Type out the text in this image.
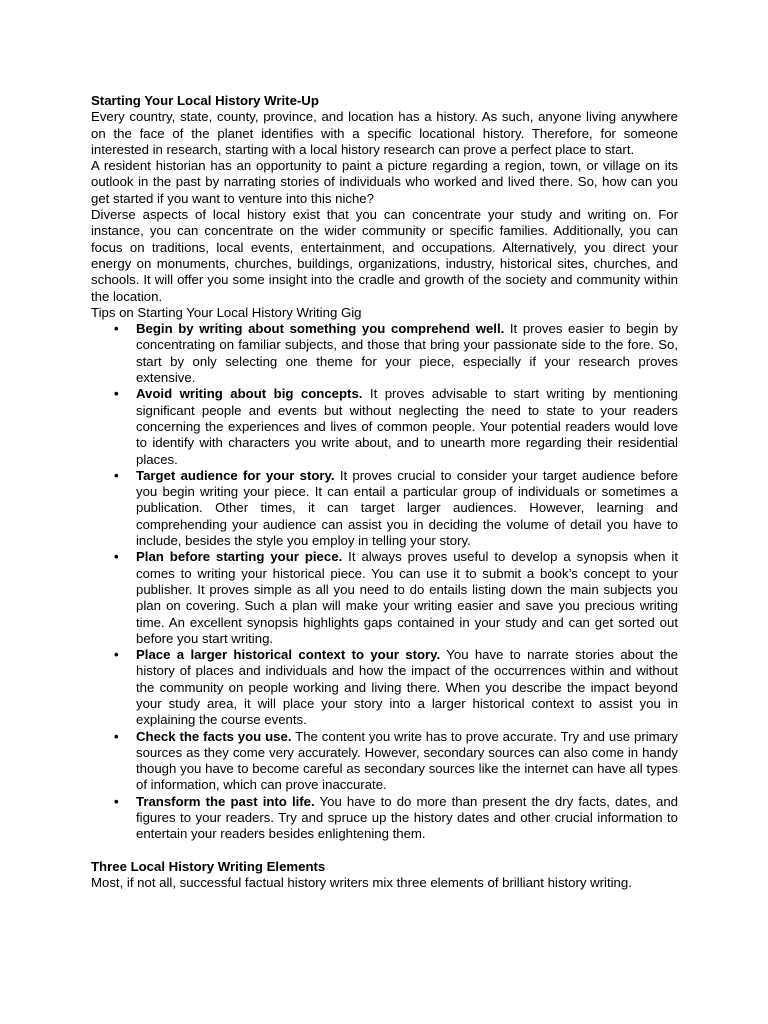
Starting Your Local History Write-Up

Every country, state, county, province, and location has a history. As such, anyone living anywhere on the face of the planet identifies with a specific locational history. Therefore, for someone interested in research, starting with a local history research can prove a perfect place to start.

A resident historian has an opportunity to paint a picture regarding a region, town, or village on its outlook in the past by narrating stories of individuals who worked and lived there. So, how can you get started if you want to venture into this niche?

Diverse aspects of local history exist that you can concentrate your study and writing on. For instance, you can concentrate on the wider community or specific families. Additionally, you can focus on traditions, local events, entertainment, and occupations. Alternatively, you direct your energy on monuments, churches, buildings, organizations, industry, historical sites, churches, and schools. It will offer you some insight into the cradle and growth of the society and community within the location.

Tips on Starting Your Local History Writing Gig

• Begin by writing about something you comprehend well. It proves easier to begin by concentrating on familiar subjects, and those that bring your passionate side to the fore. So, start by only selecting one theme for your piece, especially if your research proves extensive.
• Avoid writing about big concepts. It proves advisable to start writing by mentioning significant people and events but without neglecting the need to state to your readers concerning the experiences and lives of common people. Your potential readers would love to identify with characters you write about, and to unearth more regarding their residential places.
• Target audience for your story. It proves crucial to consider your target audience before you begin writing your piece. It can entail a particular group of individuals or sometimes a publication. Other times, it can target larger audiences. However, learning and comprehending your audience can assist you in deciding the volume of detail you have to include, besides the style you employ in telling your story.
• Plan before starting your piece. It always proves useful to develop a synopsis when it comes to writing your historical piece. You can use it to submit a book’s concept to your publisher. It proves simple as all you need to do entails listing down the main subjects you plan on covering. Such a plan will make your writing easier and save you precious writing time. An excellent synopsis highlights gaps contained in your study and can get sorted out before you start writing.
• Place a larger historical context to your story. You have to narrate stories about the history of places and individuals and how the impact of the occurrences within and without the community on people working and living there. When you describe the impact beyond your study area, it will place your story into a larger historical context to assist you in explaining the course events.
• Check the facts you use. The content you write has to prove accurate. Try and use primary sources as they come very accurately. However, secondary sources can also come in handy though you have to become careful as secondary sources like the internet can have all types of information, which can prove inaccurate.
• Transform the past into life. You have to do more than present the dry facts, dates, and figures to your readers. Try and spruce up the history dates and other crucial information to entertain your readers besides enlightening them.

Three Local History Writing Elements

Most, if not all, successful factual history writers mix three elements of brilliant history writing.
